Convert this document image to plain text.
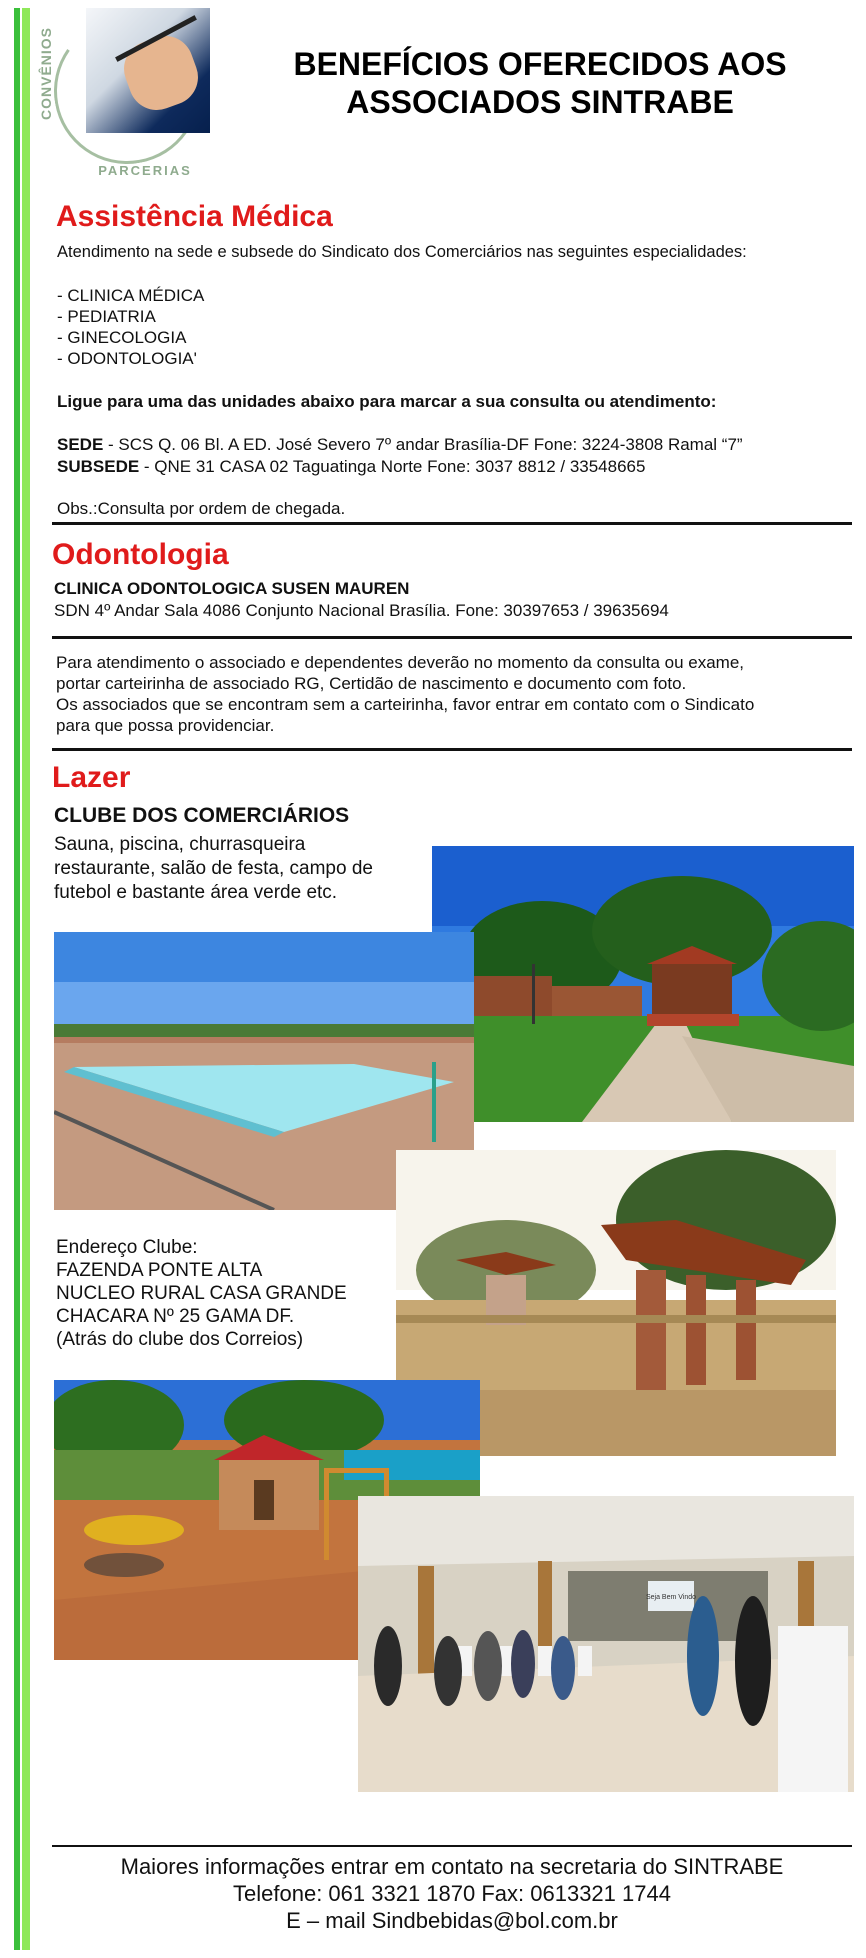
CONVÊNIOS
PARCERIAS
BENEFÍCIOS OFERECIDOS AOS
ASSOCIADOS SINTRABE
Assistência Médica
Atendimento na sede e subsede do Sindicato dos Comerciários nas seguintes especialidades:
- CLINICA MÉDICA
- PEDIATRIA
- GINECOLOGIA
- ODONTOLOGIA'
Ligue para uma das unidades abaixo para marcar a sua consulta ou atendimento:
SEDE - SCS Q. 06 Bl. A ED. José Severo 7º andar Brasília-DF Fone: 3224-3808 Ramal “7”
SUBSEDE - QNE 31 CASA 02 Taguatinga Norte Fone: 3037 8812 / 33548665
Obs.:Consulta por ordem de chegada.
Odontologia
CLINICA ODONTOLOGICA SUSEN MAUREN
SDN 4º Andar Sala 4086 Conjunto Nacional Brasília. Fone: 30397653 / 39635694
Para atendimento o associado e dependentes deverão no momento da consulta ou exame,
portar carteirinha de associado RG, Certidão de nascimento e documento com foto.
Os associados que se encontram sem a carteirinha, favor entrar em contato com o Sindicato
para que possa providenciar.
Lazer
CLUBE DOS COMERCIÁRIOS
Sauna, piscina, churrasqueira
restaurante, salão de festa, campo de
futebol e bastante área verde etc.
Endereço Clube:
FAZENDA PONTE ALTA
NUCLEO RURAL CASA GRANDE
CHACARA Nº 25 GAMA DF.
(Atrás do clube dos Correios)
Seja Bem Vindo
Maiores informações entrar em contato na secretaria do SINTRABE
Telefone: 061 3321 1870 Fax: 0613321 1744
E – mail Sindbebidas@bol.com.br
